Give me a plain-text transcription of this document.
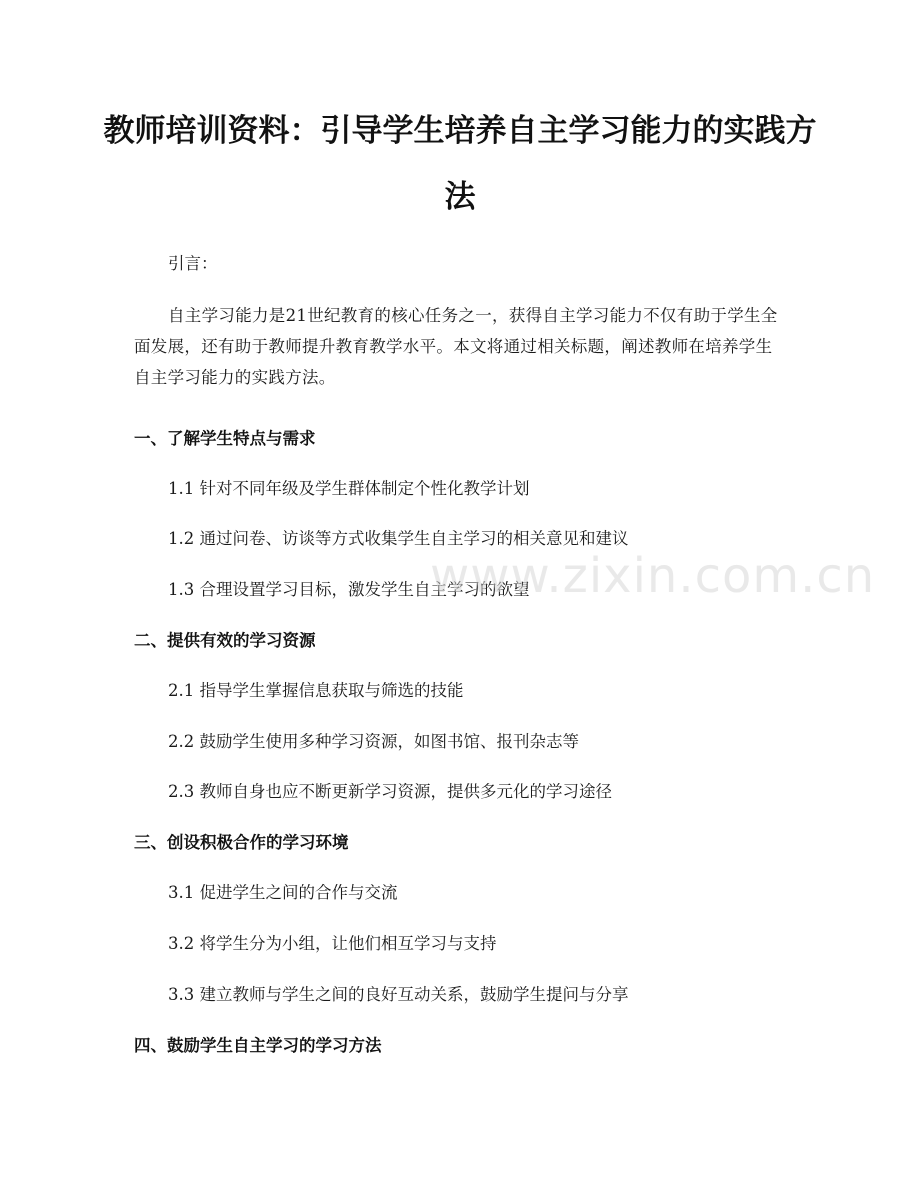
教师培训资料：引导学生培养自主学习能力的实践方法

引言：

自主学习能力是21世纪教育的核心任务之一，获得自主学习能力不仅有助于学生全面发展，还有助于教师提升教育教学水平。本文将通过相关标题，阐述教师在培养学生自主学习能力的实践方法。

一、了解学生特点与需求

1.1 针对不同年级及学生群体制定个性化教学计划

1.2 通过问卷、访谈等方式收集学生自主学习的相关意见和建议

1.3 合理设置学习目标，激发学生自主学习的欲望

二、提供有效的学习资源

2.1 指导学生掌握信息获取与筛选的技能

2.2 鼓励学生使用多种学习资源，如图书馆、报刊杂志等

2.3 教师自身也应不断更新学习资源，提供多元化的学习途径

三、创设积极合作的学习环境

3.1 促进学生之间的合作与交流

3.2 将学生分为小组，让他们相互学习与支持

3.3 建立教师与学生之间的良好互动关系，鼓励学生提问与分享

四、鼓励学生自主学习的学习方法

www.zixin.com.cn
